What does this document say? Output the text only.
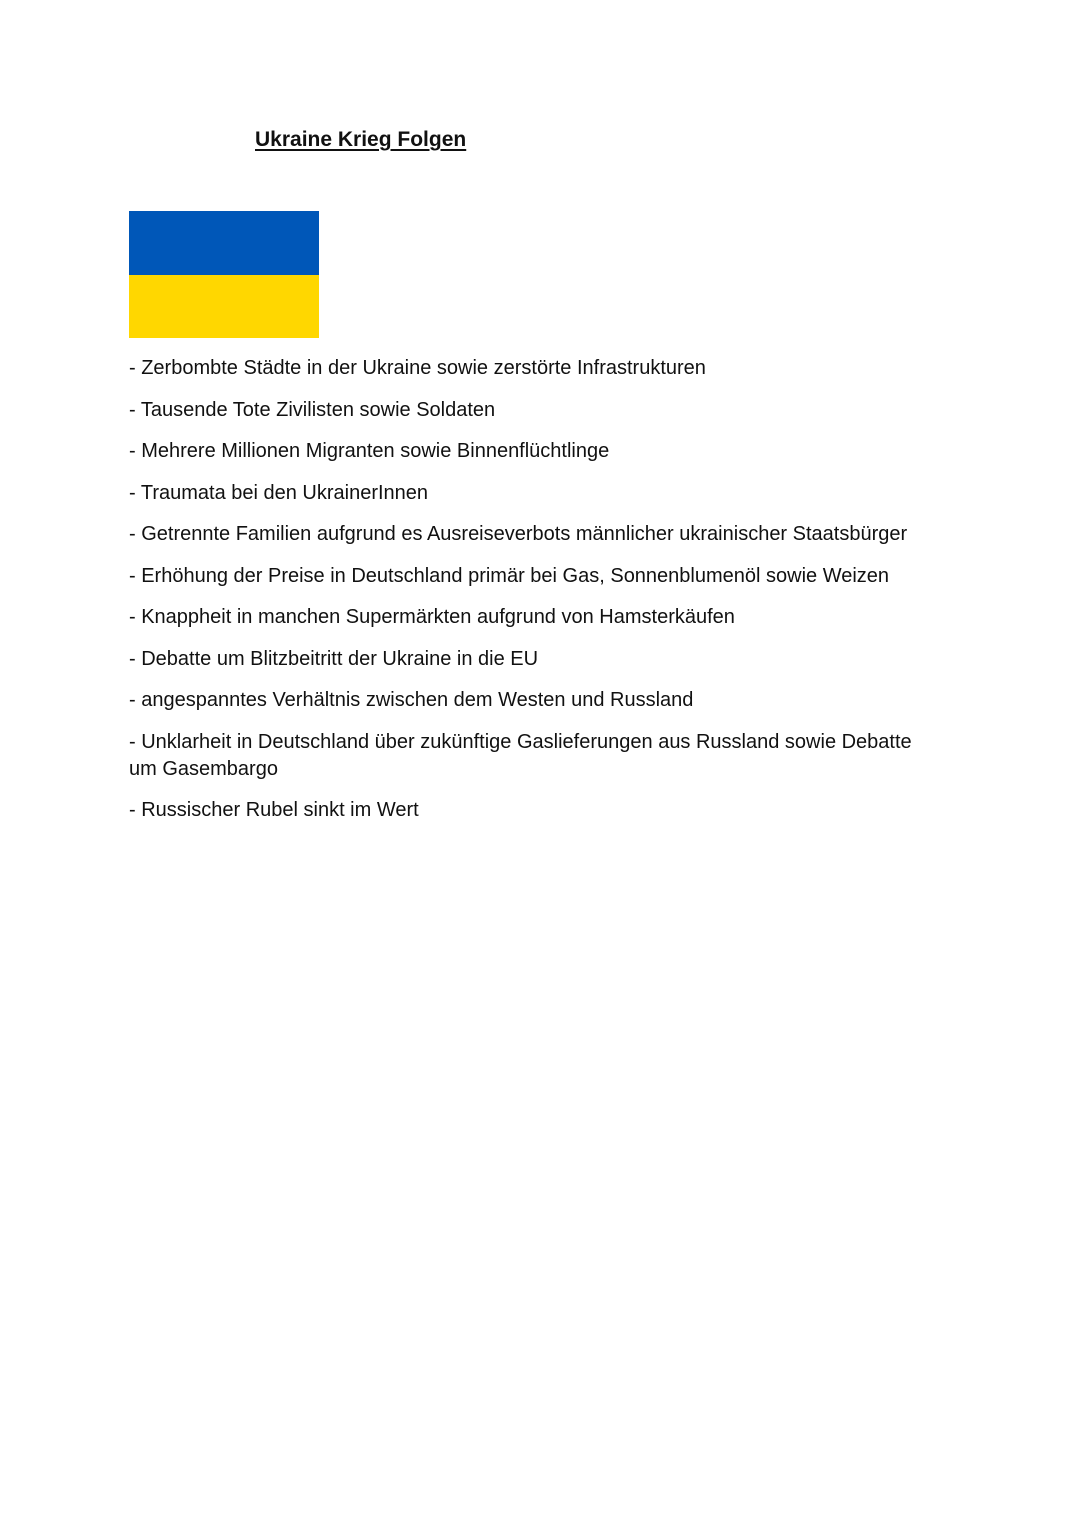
Ukraine Krieg Folgen
- Zerbombte Städte in der Ukraine sowie zerstörte Infrastrukturen
- Tausende Tote Zivilisten sowie Soldaten
- Mehrere Millionen Migranten sowie Binnenflüchtlinge
- Traumata bei den UkrainerInnen
- Getrennte Familien aufgrund es Ausreiseverbots männlicher ukrainischer Staatsbürger
- Erhöhung der Preise in Deutschland primär bei Gas, Sonnenblumenöl sowie Weizen
- Knappheit in manchen Supermärkten aufgrund von Hamsterkäufen
- Debatte um Blitzbeitritt der Ukraine in die EU
- angespanntes Verhältnis zwischen dem Westen und Russland
- Unklarheit in Deutschland über zukünftige Gaslieferungen aus Russland sowie Debatte um Gasembargo
- Russischer Rubel sinkt im Wert
